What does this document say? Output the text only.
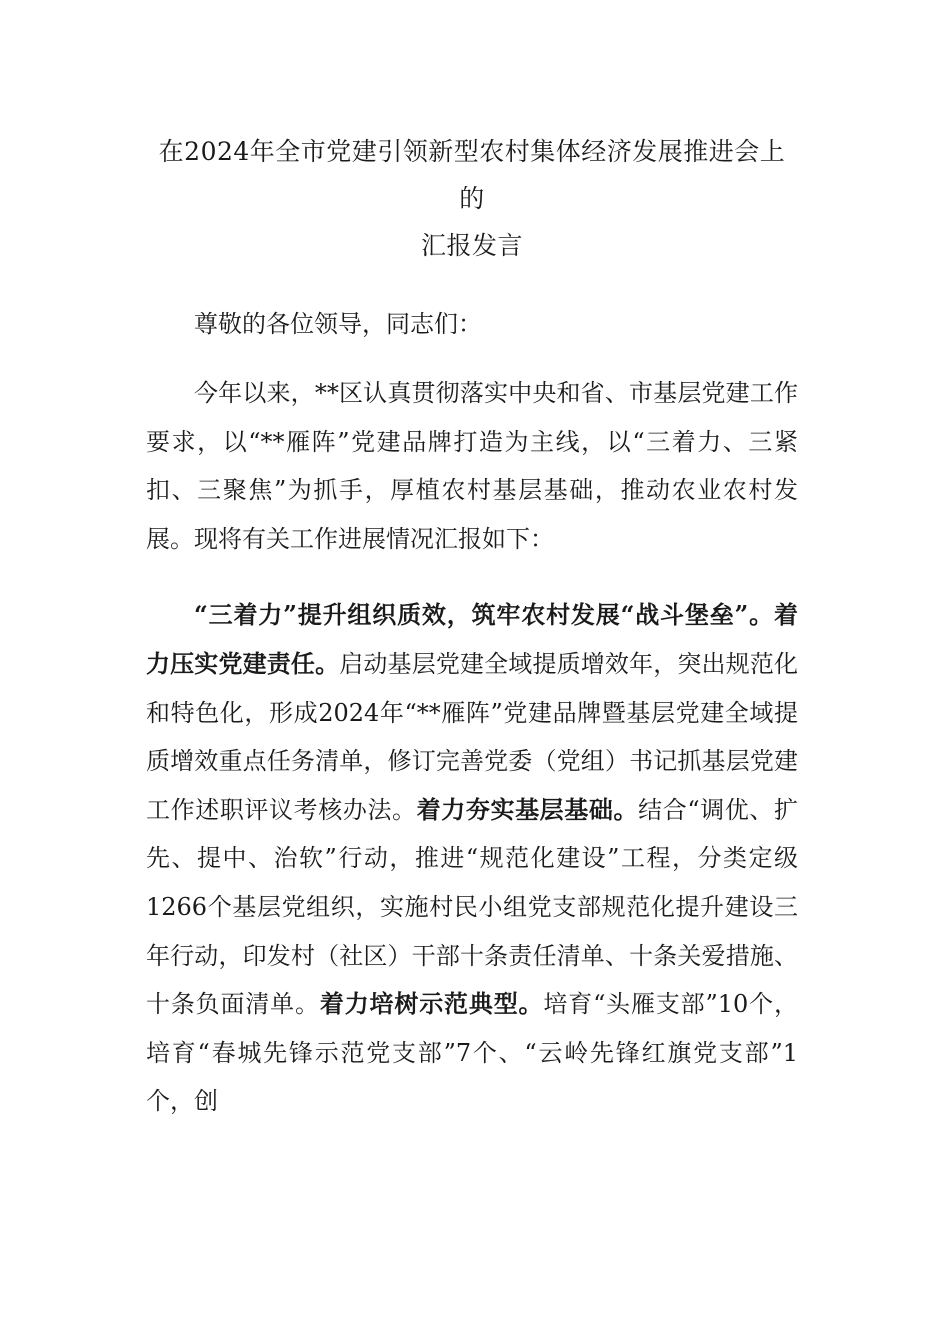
在2024年全市党建引领新型农村集体经济发展推进会上的
汇报发言

尊敬的各位领导，同志们：

今年以来，**区认真贯彻落实中央和省、市基层党建工作要求，以“**雁阵”党建品牌打造为主线，以“三着力、三紧扣、三聚焦”为抓手，厚植农村基层基础，推动农业农村发展。现将有关工作进展情况汇报如下：

“三着力”提升组织质效，筑牢农村发展“战斗堡垒”。着力压实党建责任。启动基层党建全域提质增效年，突出规范化和特色化，形成2024年“**雁阵”党建品牌暨基层党建全域提质增效重点任务清单，修订完善党委（党组）书记抓基层党建工作述职评议考核办法。着力夯实基层基础。结合“调优、扩先、提中、治软”行动，推进“规范化建设”工程，分类定级1266个基层党组织，实施村民小组党支部规范化提升建设三年行动，印发村（社区）干部十条责任清单、十条关爱措施、十条负面清单。着力培树示范典型。培育“头雁支部”10个，培育“春城先锋示范党支部”7个、“云岭先锋红旗党支部”1个，创
